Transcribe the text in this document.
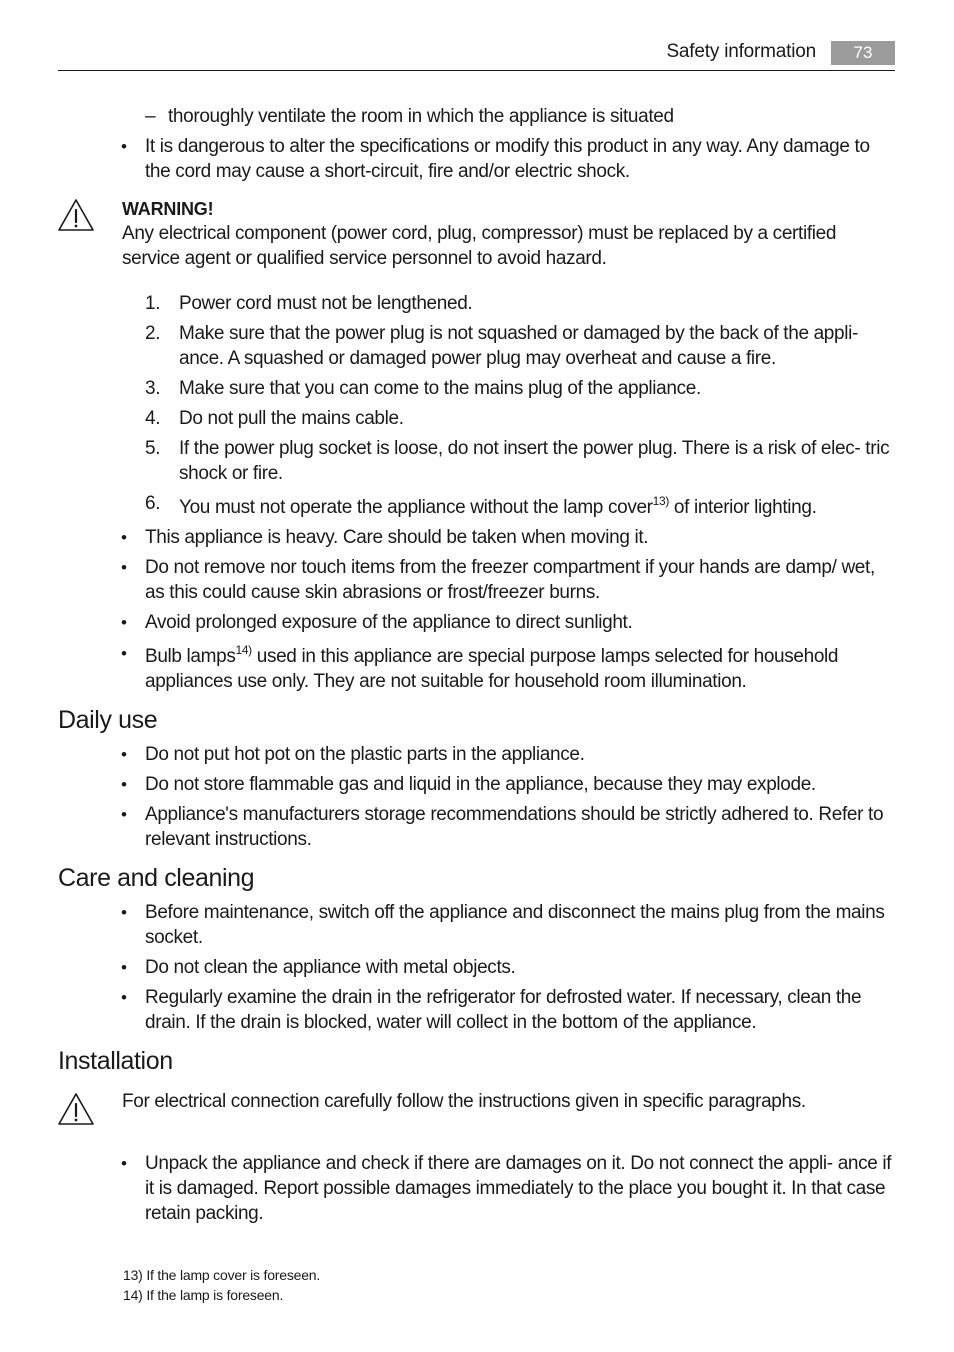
Safety information	73
– thoroughly ventilate the room in which the appliance is situated
• It is dangerous to alter the specifications or modify this product in any way. Any damage to the cord may cause a short-circuit, fire and/or electric shock.
WARNING!
Any electrical component (power cord, plug, compressor) must be replaced by a certified service agent or qualified service personnel to avoid hazard.
1. Power cord must not be lengthened.
2. Make sure that the power plug is not squashed or damaged by the back of the appli- ance. A squashed or damaged power plug may overheat and cause a fire.
3. Make sure that you can come to the mains plug of the appliance.
4. Do not pull the mains cable.
5. If the power plug socket is loose, do not insert the power plug. There is a risk of elec- tric shock or fire.
6. You must not operate the appliance without the lamp cover$^{13)}$ of interior lighting.
• This appliance is heavy. Care should be taken when moving it.
• Do not remove nor touch items from the freezer compartment if your hands are damp/ wet, as this could cause skin abrasions or frost/freezer burns.
• Avoid prolonged exposure of the appliance to direct sunlight.
• Bulb lamps$^{14)}$ used in this appliance are special purpose lamps selected for household appliances use only. They are not suitable for household room illumination.
Daily use
• Do not put hot pot on the plastic parts in the appliance.
• Do not store flammable gas and liquid in the appliance, because they may explode.
• Appliance's manufacturers storage recommendations should be strictly adhered to. Refer to relevant instructions.
Care and cleaning
• Before maintenance, switch off the appliance and disconnect the mains plug from the mains socket.
• Do not clean the appliance with metal objects.
• Regularly examine the drain in the refrigerator for defrosted water. If necessary, clean the drain. If the drain is blocked, water will collect in the bottom of the appliance.
Installation
For electrical connection carefully follow the instructions given in specific paragraphs.
• Unpack the appliance and check if there are damages on it. Do not connect the appli- ance if it is damaged. Report possible damages immediately to the place you bought it. In that case retain packing.
13) If the lamp cover is foreseen.
14) If the lamp is foreseen.
